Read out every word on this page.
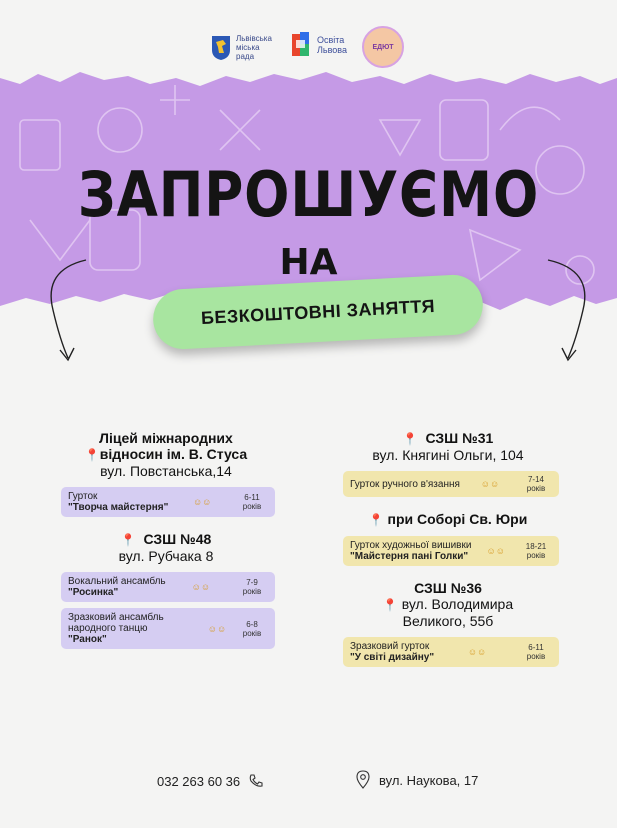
Львівська
міська
рада
Освіта
Львова	ЕДЮТ
ЗАПРОШУЄМО
НА
БЕЗКОШТОВНІ ЗАНЯТТЯ
Ліцей міжнародних
📍відносин ім. В. Стуса
вул. Повстанська,14
Гурток
"Творча майстерня"	☺☺	6-11
років
📍 СЗШ №48
вул. Рубчака 8
Вокальний ансамбль
"Росинка"	☺☺	7-9
років
Зразковий ансамбль народного танцю
"Ранок"
☺☺	6-8
років
📍 СЗШ №31
вул. Княгині Ольги, 104
Гурток ручного в'язання ☺☺	7-14
років
📍 при Соборі Св. Юри
Гурток художньої вишивки
"Майстерня пані Голки"	☺☺	18-21
років
СЗШ №36
📍 вул. Володимира
Великого, 55б
Зразковий гурток
"У світі дизайну"	☺☺	6-11
років
032 263 60 36	вул. Наукова, 17
